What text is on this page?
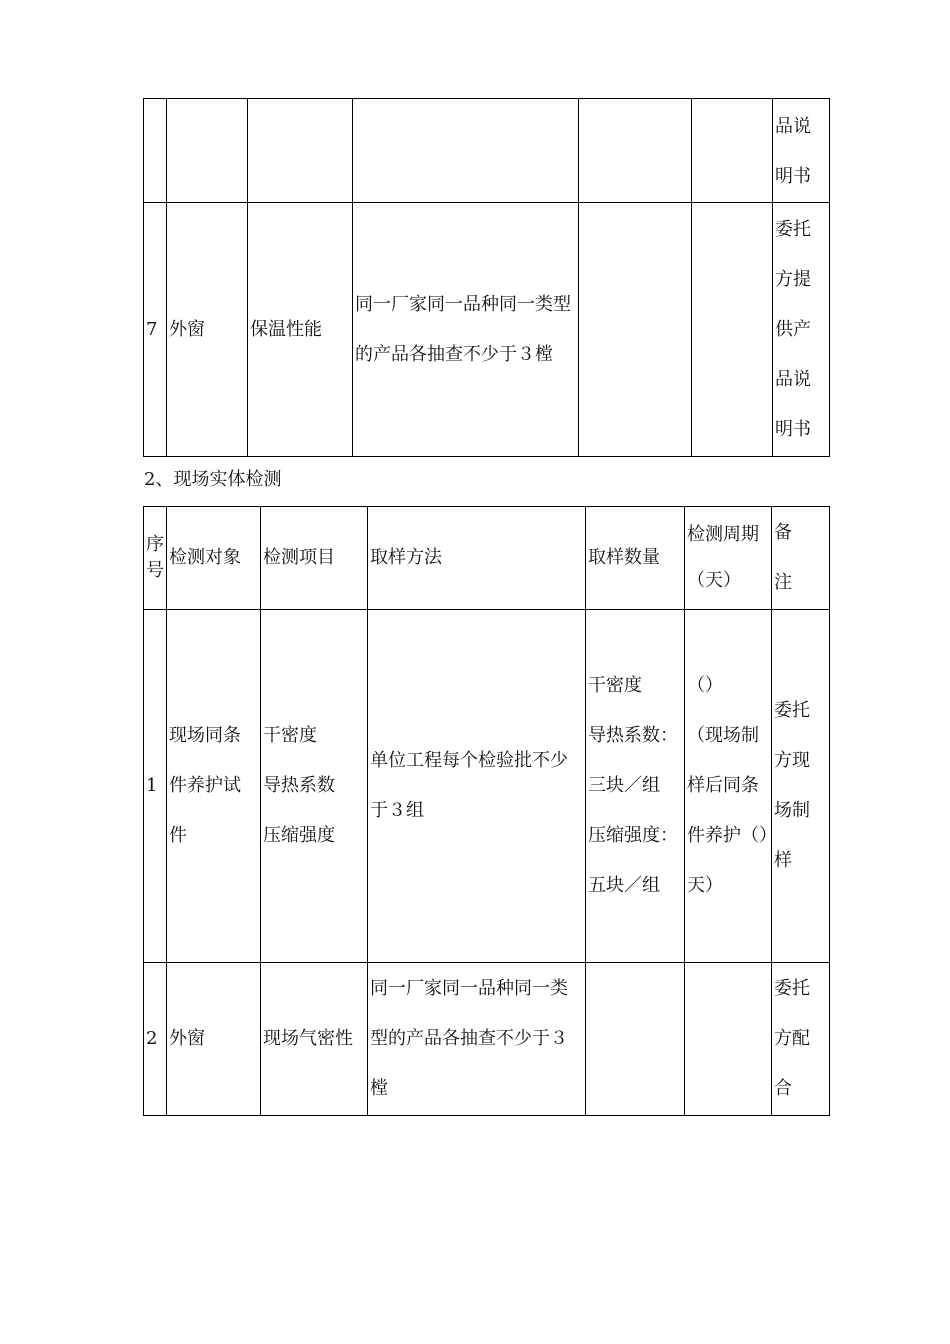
						品说
明书
7	外窗	保温性能	同一厂家同一品种同一类型的产品各抽查不少于３樘			委托方提供产品说明书
2、现场实体检测
序号	检测对象	检测项目	取样方法	取样数量	检测周期（天）	备　注
1	现场同条件养护试件	干密度
导热系数
压缩强度	单位工程每个检验批不少于３组	干密度
导热系数：
三块／组
压缩强度：
五块／组	（）
（现场制样后同条件养护（）天）	委托方现场制样
2	外窗	现场气密性	同一厂家同一品种同一类型的产品各抽查不少于３樘			委托方配合
